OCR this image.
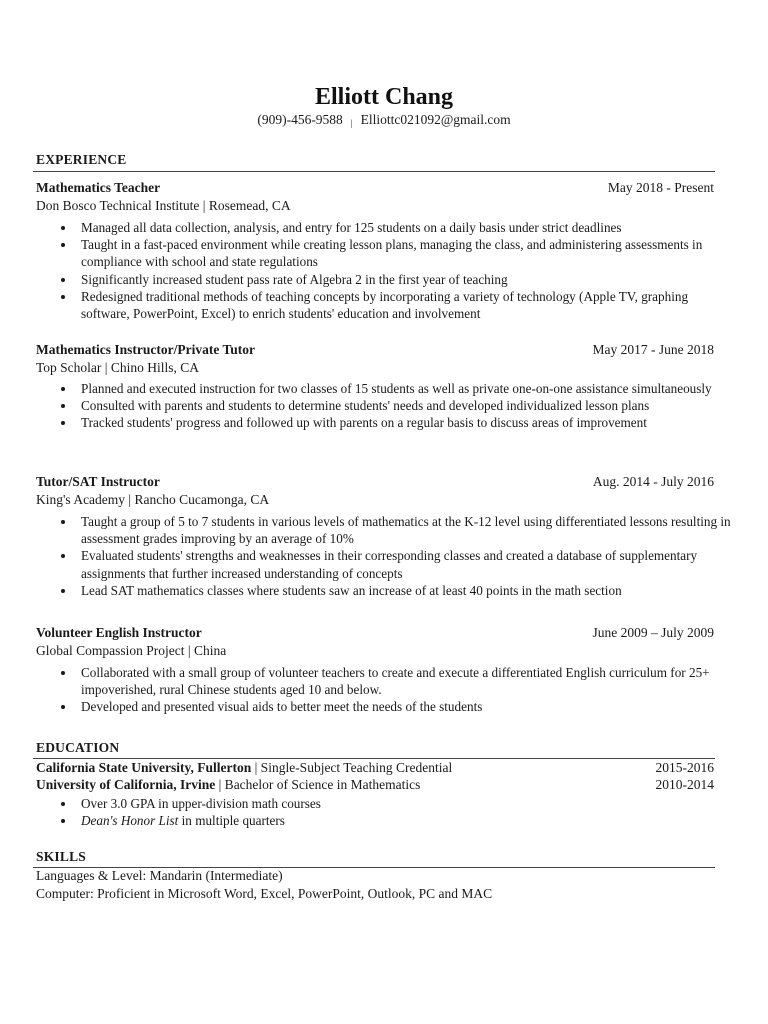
Elliott Chang
(909)-456-9588 | Elliottc021092@gmail.com
EXPERIENCE
Mathematics Teacher	May 2018 - Present
Don Bosco Technical Institute | Rosemead, CA
Managed all data collection, analysis, and entry for 125 students on a daily basis under strict deadlines
Taught in a fast-paced environment while creating lesson plans, managing the class, and administering assessments in compliance with school and state regulations
Significantly increased student pass rate of Algebra 2 in the first year of teaching
Redesigned traditional methods of teaching concepts by incorporating a variety of technology (Apple TV, graphing software, PowerPoint, Excel) to enrich students' education and involvement
Mathematics Instructor/Private Tutor	May 2017 - June 2018
Top Scholar | Chino Hills, CA
Planned and executed instruction for two classes of 15 students as well as private one-on-one assistance simultaneously
Consulted with parents and students to determine students' needs and developed individualized lesson plans
Tracked students' progress and followed up with parents on a regular basis to discuss areas of improvement
Tutor/SAT Instructor	Aug. 2014 - July 2016
King's Academy | Rancho Cucamonga, CA
Taught a group of 5 to 7 students in various levels of mathematics at the K-12 level using differentiated lessons resulting in assessment grades improving by an average of 10%
Evaluated students' strengths and weaknesses in their corresponding classes and created a database of supplementary assignments that further increased understanding of concepts
Lead SAT mathematics classes where students saw an increase of at least 40 points in the math section
Volunteer English Instructor	June 2009 – July 2009
Global Compassion Project | China
Collaborated with a small group of volunteer teachers to create and execute a differentiated English curriculum for 25+ impoverished, rural Chinese students aged 10 and below.
Developed and presented visual aids to better meet the needs of the students
EDUCATION
California State University, Fullerton | Single-Subject Teaching Credential	2015-2016
University of California, Irvine | Bachelor of Science in Mathematics	2010-2014
Over 3.0 GPA in upper-division math courses
Dean's Honor List in multiple quarters
SKILLS
Languages & Level: Mandarin (Intermediate)
Computer: Proficient in Microsoft Word, Excel, PowerPoint, Outlook, PC and MAC
